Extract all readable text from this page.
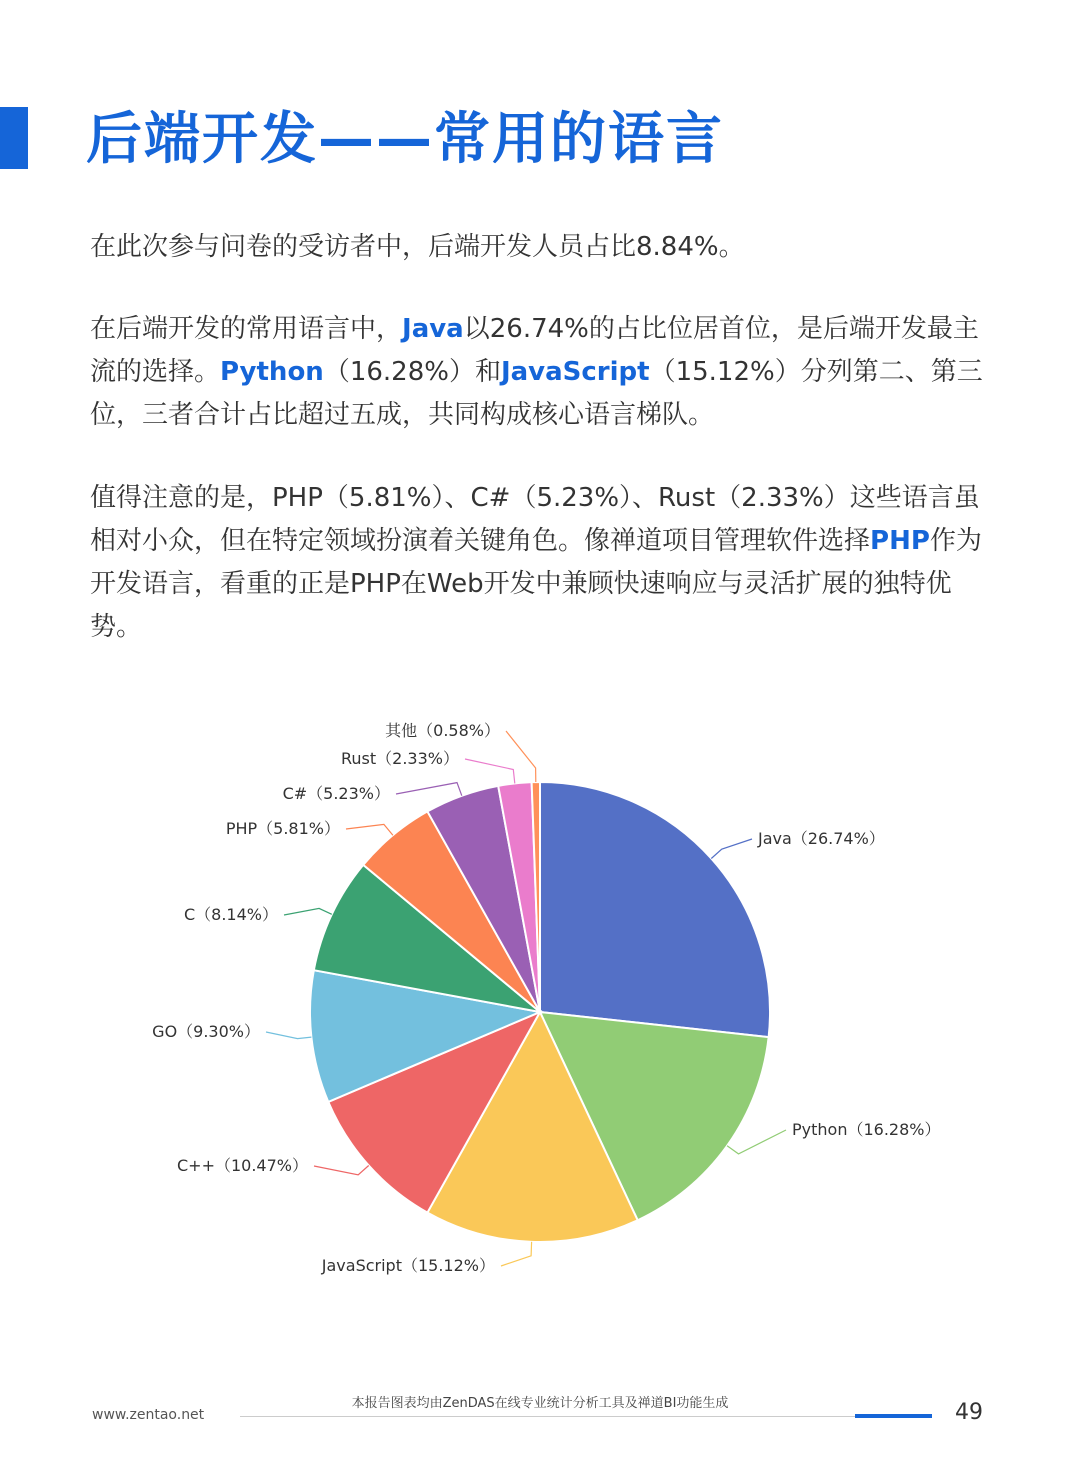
后端开发——常用的语言

在此次参与问卷的受访者中，后端开发人员占比8.84%。

在后端开发的常用语言中，Java以26.74%的占比位居首位，是后端开发最主流的选择。Python（16.28%）和JavaScript（15.12%）分列第二、第三位，三者合计占比超过五成，共同构成核心语言梯队。

值得注意的是，PHP（5.81%）、C#（5.23%）、Rust（2.33%）这些语言虽相对小众，但在特定领域扮演着关键角色。像禅道项目管理软件选择PHP作为开发语言，看重的正是PHP在Web开发中兼顾快速响应与灵活扩展的独特优势。

Java（26.74%）
Python（16.28%）
JavaScript（15.12%）
C++（10.47%）
GO（9.30%）
C（8.14%）
PHP（5.81%）
C#（5.23%）
Rust（2.33%）
其他（0.58%）
www.zentao.net
本报告图表均由ZenDAS在线专业统计分析工具及禅道BI功能生成	49
